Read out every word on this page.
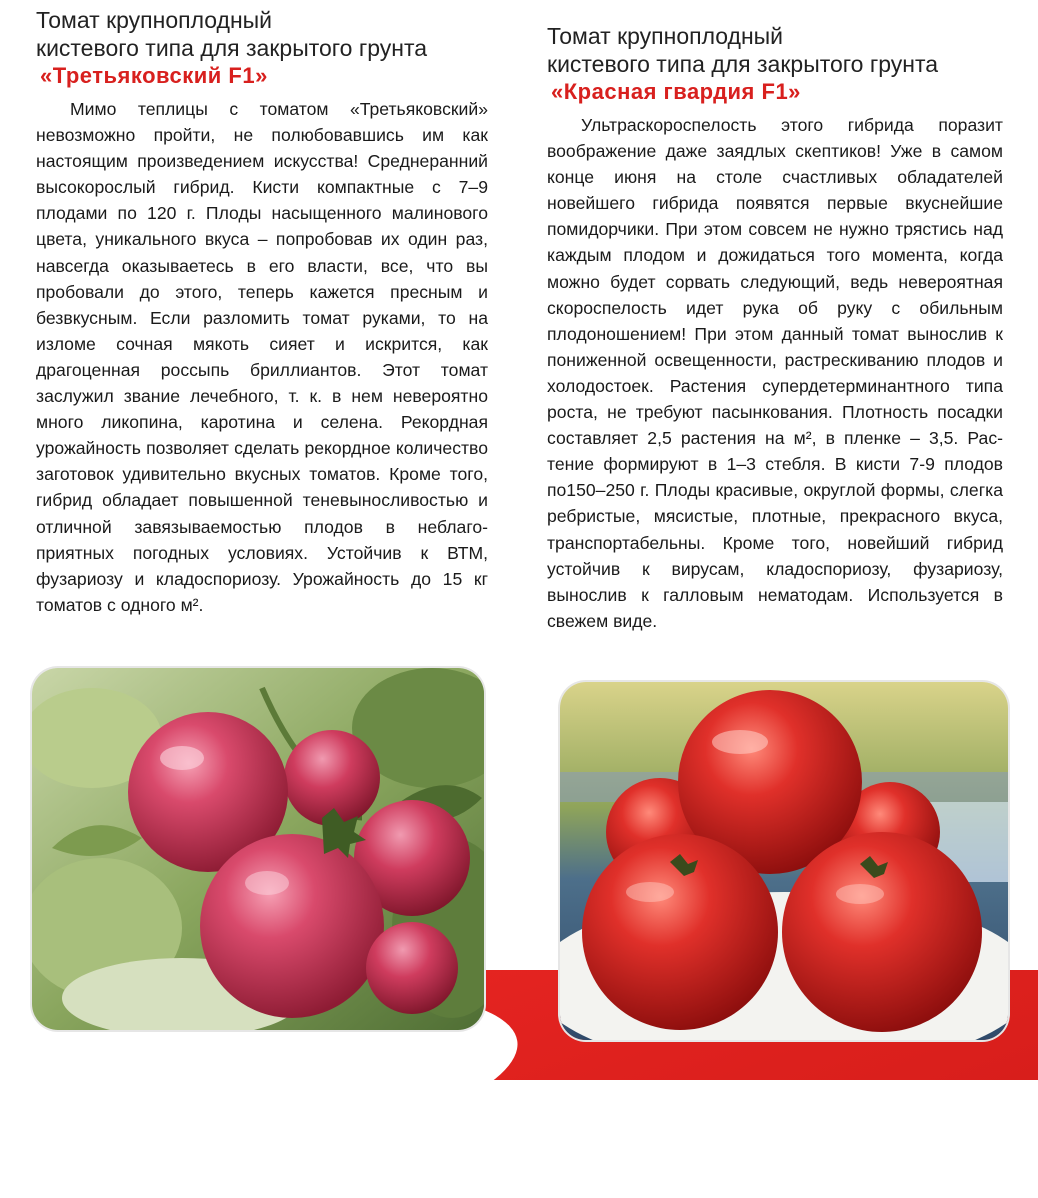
Томат крупноплодный

кистевого типа для закрытого грунта

«Третьяковский F1»

Мимо теплицы с томатом «Третьяковский» невозможно пройти, не полюбовавшись им как настоящим произведением искусства! Среднеранний высокорослый гибрид. Кисти компактные с 7–9 плодами по 120 г. Плоды насыщенного малинового цвета, уникального вкуса – попробовав их один раз, навсегда оказываетесь в его власти, все, что вы пробовали до этого, теперь кажется пресным и безвкусным. Если разломить томат руками, то на изломе сочная мякоть сияет и искрится, как драгоценная россыпь бриллиантов. Этот томат заслужил звание лечебного, т. к. в нем невероятно много ликопина, каротина и селена. Рекордная урожайность позволяет сделать рекордное количество заготовок удивительно вкусных томатов. Кроме того, гибрид обладает повышенной теневыносливостью и отличной завязываемостью плодов в неблагоприятных погодных условиях. Устойчив к ВТМ, фузариозу и кладоспориозу. Урожайность до 15 кг томатов с одного м².

Томат крупноплодный

кистевого типа для закрытого грунта

«Красная гвардия F1»

Ультраскороспелость этого гибрида поразит воображение даже заядлых скептиков! Уже в самом конце июня на столе счастливых обладателей новейшего гибрида появятся первые вкуснейшие помидорчики. При этом совсем не нужно трястись над каждым плодом и дожидаться того момента, когда можно будет сорвать следующий, ведь невероятная скороспелость идет рука об руку с обильным плодоношением! При этом данный томат вынослив к пониженной освещенности, растрескиванию плодов и холодостоек. Растения супердетерминантного типа роста, не требуют пасынкования. Плотность посадки составляет 2,5 растения на м², в пленке – 3,5. Растение формируют в 1–3 стебля. В кисти 7-9 плодов по150–250 г. Плоды красивые, округлой формы, слегка ребристые, мясистые, плотные, прекрасного вкуса, транспортабельны. Кроме того, новейший гибрид устойчив к вирусам, кладоспориозу, фузариозу, вынослив к галловым нематодам. Используется в свежем виде.
